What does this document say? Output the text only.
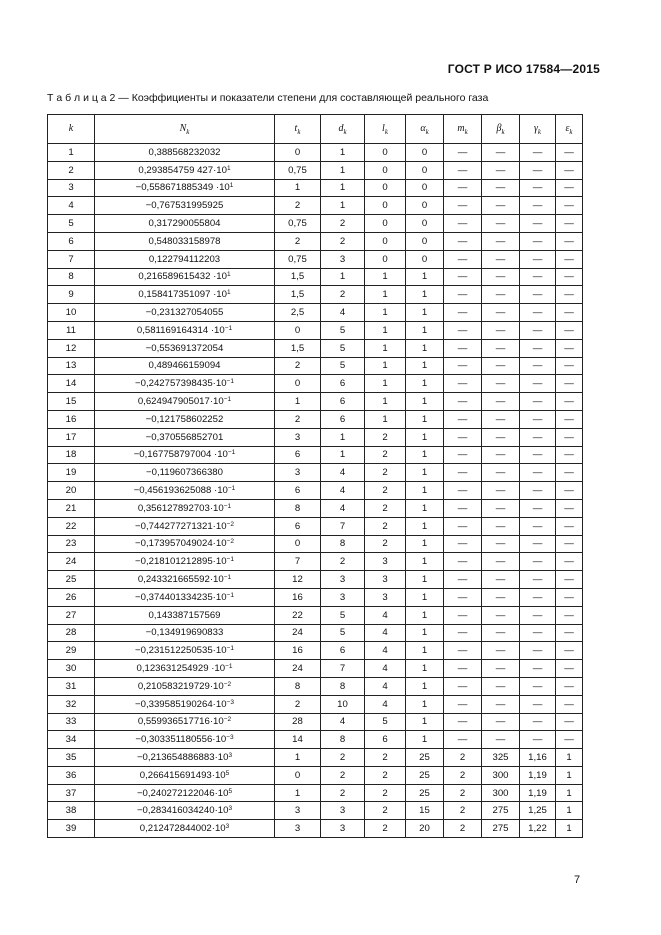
ГОСТ Р ИСО 17584—2015
Т а б л и ц а 2 — Коэффициенты и показатели степени для составляющей реального газа
k	$N_k$	$t_k$	$d_k$	$l_k$	$\alpha_k$	$m_k$	$\beta_k$	$\gamma_k$	$\varepsilon_k$
1	0,388568232032	0	1	0	0	—	—	—	—
2	0,293854759 $427\cdot 10^1$	0,75	1	0	0	—	—	—	—
3	$-0,558671885349 \cdot 10^1$	1	1	0	0	—	—	—	—
4	−0,767531995925	2	1	0	0	—	—	—	—
5	0,317290055804	0,75	2	0	0	—	—	—	—
6	0,548033158978	2	2	0	0	—	—	—	—
7	0,122794112203	0,75	3	0	0	—	—	—	—
8	$0,216589615432 \cdot 10^1$	1,5	1	1	1	—	—	—	—
9	$0,158417351097 \cdot 10^1$	1,5	2	1	1	—	—	—	—
10	−0,231327054055	2,5	4	1	1	—	—	—	—
11	$0,581169164314 \cdot 10^{-1}$	0	5	1	1	—	—	—	—
12	−0,553691372054	1,5	5	1	1	—	—	—	—
13	0,489466159094	2	5	1	1	—	—	—	—
14	$-0,242757398435\cdot 10^{-1}$	0	6	1	1	—	—	—	—
15	$0,624947905017\cdot 10^{-1}$	1	6	1	1	—	—	—	—
16	−0,121758602252	2	6	1	1	—	—	—	—
17	−0,370556852701	3	1	2	1	—	—	—	—
18	$-0,167758797004 \cdot 10^{-1}$	6	1	2	1	—	—	—	—
19	−0,119607366380	3	4	2	1	—	—	—	—
20	$-0,456193625088 \cdot 10^{-1}$	6	4	2	1	—	—	—	—
21	$0,356127892703\cdot 10^{-1}$	8	4	2	1	—	—	—	—
22	$-0,744277271321\cdot 10^{-2}$	6	7	2	1	—	—	—	—
23	$-0,173957049024\cdot 10^{-2}$	0	8	2	1	—	—	—	—
24	$-0,218101212895\cdot 10^{-1}$	7	2	3	1	—	—	—	—
25	$0,243321665592\cdot 10^{-1}$	12	3	3	1	—	—	—	—
26	$-0,374401334235\cdot 10^{-1}$	16	3	3	1	—	—	—	—
27	0,143387157569	22	5	4	1	—	—	—	—
28	−0,134919690833	24	5	4	1	—	—	—	—
29	$-0,231512250535\cdot 10^{-1}$	16	6	4	1	—	—	—	—
30	$0,123631254929 \cdot 10^{-1}$	24	7	4	1	—	—	—	—
31	$0,210583219729\cdot 10^{-2}$	8	8	4	1	—	—	—	—
32	$-0,339585190264\cdot 10^{-3}$	2	10	4	1	—	—	—	—
33	$0,559936517716\cdot 10^{-2}$	28	4	5	1	—	—	—	—
34	$-0,303351180556\cdot 10^{-3}$	14	8	6	1	—	—	—	—
35	$-0,213654886883\cdot 10^3$	1	2	2	25	2	325	1,16	1
36	$0,266415691493\cdot 10^5$	0	2	2	25	2	300	1,19	1
37	$-0,240272122046\cdot 10^5$	1	2	2	25	2	300	1,19	1
38	$-0,283416034240\cdot 10^3$	3	3	2	15	2	275	1,25	1
39	$0,212472844002\cdot 10^3$	3	3	2	20	2	275	1,22	1
7
